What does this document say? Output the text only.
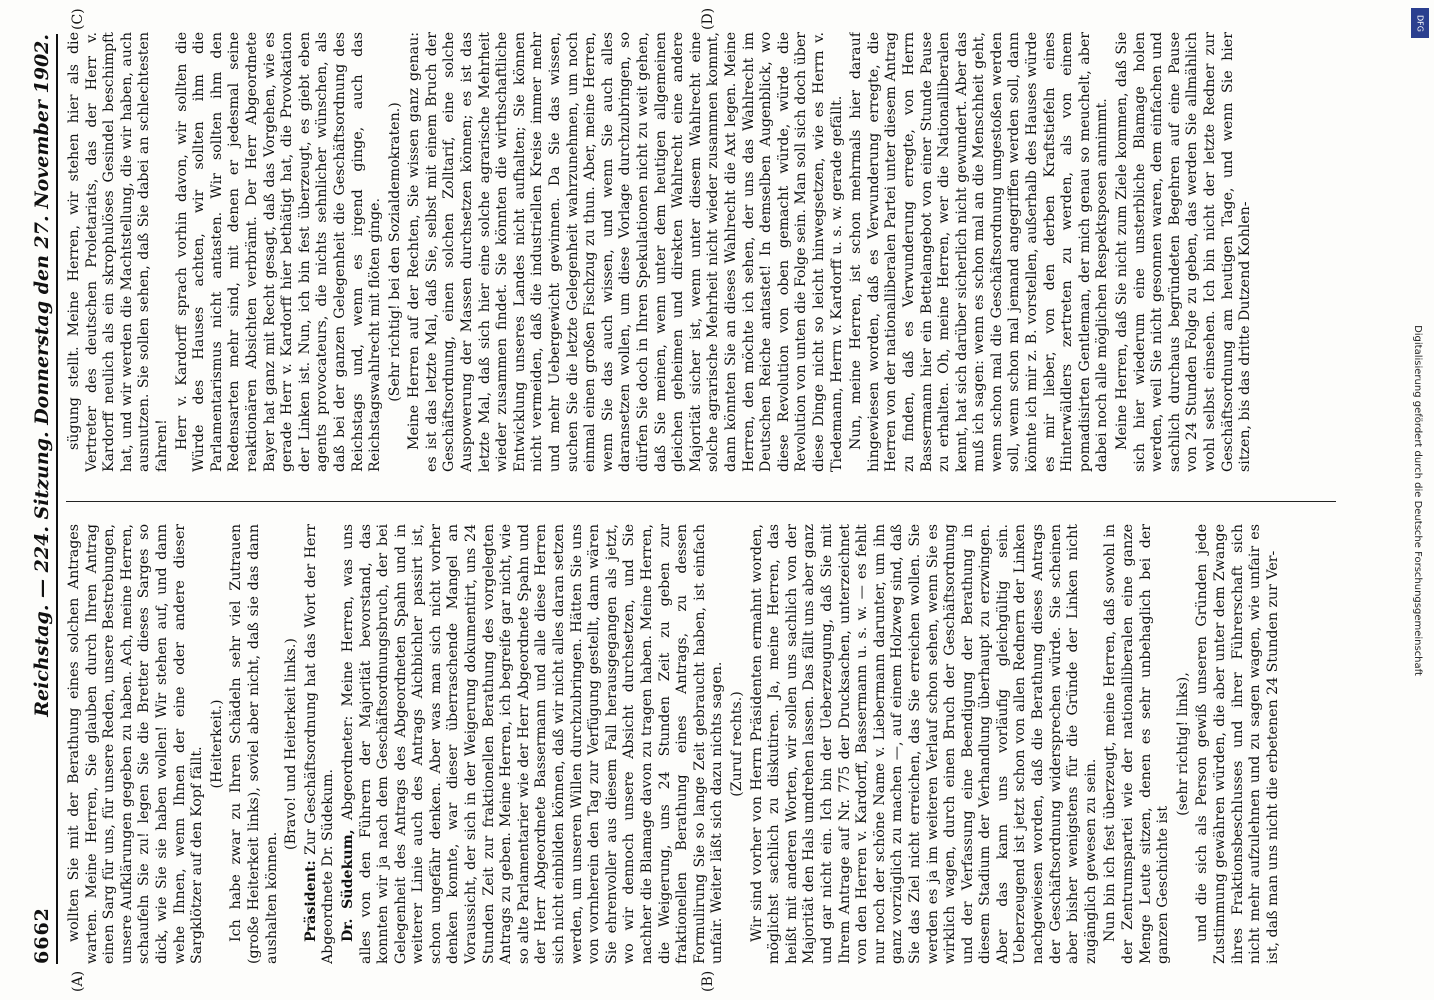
6662
Reichstag. — 224. Sitzung. Donnerstag den 27. November 1902.

wollten Sie mit der Berathung eines solchen Antrages warten. Meine Herren, Sie glauben durch Ihren Antrag einen Sarg für uns, für unsere Reden, unsere Bestrebungen, unsere Aufklärungen gegeben zu haben. Ach, meine Herren, schaufeln Sie zu! legen Sie die Bretter dieses Sarges so dick, wie Sie sie haben wollen! Wir stehen auf, und dann wehe Ihnen, wenn Ihnen der eine oder andere dieser Sargklötzer auf den Kopf fällt.

(Heiterkeit.) Ich habe zwar zu Ihren Schädeln sehr viel Zutrauen (große Heiterkeit links), soviel aber nicht, daß sie das dann aushalten können.

(Bravo! und Heiterkeit links.)

Präsident: Zur Geschäftsordnung hat das Wort der Herr Abgeordnete Dr. Südekum. Dr. Südekum, Abgeordneter: Meine Herren, was uns alles von den Führern der Majorität bevorstand, das konnten wir ja nach dem Geschäftsordnungsbruch, der bei Gelegenheit des Antrags des Abgeordneten Spahn und in weiterer Linie auch des Antrags Aichbichler passirt ist, schon ungefähr denken. Aber was man sich nicht vorher denken konnte, war dieser überraschende Mangel an Voraussicht, der sich in der Weigerung dokumentirt, uns 24 Stunden Zeit zur fraktionellen Berathung des vorgelegten Antrags zu geben. Meine Herren, ich begreife gar nicht, wie so alte Parlamentarier wie der Herr Abgeordnete Spahn und der Herr Abgeordnete Bassermann und alle diese Herren sich nicht einbilden können, daß wir nicht alles daran setzen werden, um unseren Willen durchzubringen. Hätten Sie uns von vornherein den Tag zur Verfügung gestellt, dann wären Sie ehrenvoller aus diesem Fall herausgegangen als jetzt, wo wir dennoch unsere Absicht durchsetzen, und Sie nachher die Blamage davon zu tragen haben. Meine Herren, die Weigerung, uns 24 Stunden Zeit zu geben zur fraktionellen Berathung eines Antrags, zu dessen Formulirung Sie so lange Zeit gebraucht haben, ist einfach unfair. Weiter läßt sich dazu nichts sagen. (Zuruf rechts.) Wir sind vorher von Herrn Präsidenten ermahnt worden, möglichst sachlich zu diskutiren. Ja, meine Herren, das heißt mit anderen Worten, wir sollen uns sachlich von der Majorität den Hals umdrehen lassen. Das fällt uns aber ganz und gar nicht ein. Ich bin der Ueberzeugung, daß Sie mit Ihrem Antrage auf Nr. 775 der Drucksachen, unterzeichnet von den Herren v. Kardorff, Bassermann u. s. w. — es fehlt nur noch der schöne Name v. Liebermann darunter, um ihn ganz vorzüglich zu machen —, auf einem Holzweg sind, daß Sie das Ziel nicht erreichen, das Sie erreichen wollen. Sie werden es ja im weiteren Verlauf schon sehen, wenn Sie es wirklich wagen, durch einen Bruch der Geschäftsordnung und der Verfassung eine Beendigung der Berathung in diesem Stadium der Verhandlung überhaupt zu erzwingen. Aber das kann uns vorläufig gleichgültig sein. Ueberzeugend ist jetzt schon von allen Rednern der Linken nachgewiesen worden, daß die Berathung dieses Antrags der Geschäftsordnung widersprechen würde. Sie scheinen aber bisher wenigstens für die Gründe der Linken nicht zugänglich gewesen zu sein. Nun bin ich fest überzeugt, meine Herren, daß sowohl in der Zentrumspartei wie der nationalliberalen eine ganze Menge Leute sitzen, denen es sehr unbehaglich bei der ganzen Geschichte ist

(sehr richtig! links), und die sich als Person gewiß unseren Gründen jede Zustimmung gewähren würden, die aber unter dem Zwange ihres Fraktionsbeschlusses und ihrer Führerschaft sich nicht mehr aufzulehnen und zu sagen wagen, wie unfair es ist, daß man uns nicht die erbetenen 24 Stunden zur Ver-

sügung stellt. Meine Herren, wir stehen hier als die Vertreter des deutschen Proletariats, das der Herr v. Kardorff neulich als ein skrophulöses Gesindel beschimpft hat, und wir werden die Machtstellung, die wir haben, auch ausnutzen. Sie sollen sehen, daß Sie dabei an schlechtesten fahren! Herr v. Kardorff sprach vorhin davon, wir sollten die Würde des Hauses achten, wir sollten ihm die Parlamentarismus nicht antasten. Wir sollten ihm den Redensarten mehr sind, mit denen er jedesmal seine reaktionären Absichten verbrämt. Der Herr Abgeordnete Bayer hat ganz mit Recht gesagt, daß das Vorgehen, wie es gerade Herr v. Kardorff hier bethätigt hat, die Provokation der Linken ist. Nun, ich bin fest überzeugt, es giebt eben agents provocateurs, die nichts sehnlicher wünschen, als daß bei der ganzen Gelegenheit die Geschäftsordnung des Reichstags und, wenn es irgend ginge, auch das Reichstagswahlrecht mit flöten ginge. (Sehr richtig! bei den Sozialdemokraten.) Meine Herren auf der Rechten, Sie wissen ganz genau: es ist das letzte Mal, daß Sie, selbst mit einem Bruch der Geschäftsordnung, einen solchen Zolltarif, eine solche Auspowerung der Massen durchsetzen können; es ist das letzte Mal, daß sich hier eine solche agrarische Mehrheit wieder zusammen findet. Sie könnten die wirthschaftliche Entwicklung unseres Landes nicht aufhalten; Sie können nicht vermeiden, daß die industriellen Kreise immer mehr und mehr Uebergewicht gewinnen. Da Sie das wissen, suchen Sie die letzte Gelegenheit wahrzunehmen, um noch einmal einen großen Fischzug zu thun. Aber, meine Herren, wenn Sie das auch wissen, und wenn Sie auch alles daransetzen wollen, um diese Vorlage durchzubringen, so dürfen Sie doch in Ihren Spekulationen nicht zu weit gehen, daß Sie meinen, wenn unter dem heutigen allgemeinen gleichen geheimen und direkten Wahlrecht eine andere Majorität sicher ist, wenn unter diesem Wahlrecht eine solche agrarische Mehrheit nicht wieder zusammen kommt, dann könnten Sie an dieses Wahlrecht die Axt legen. Meine Herren, den möchte ich sehen, der uns das Wahlrecht im Deutschen Reiche antastet! In demselben Augenblick, wo diese Revolution von oben gemacht würde, würde die Revolution von unten die Folge sein. Man soll sich doch über diese Dinge nicht so leicht hinwegsetzen, wie es Herrn v. Tiedemann, Herrn v. Kardorff u. s. w. gerade gefällt. Nun, meine Herren, ist schon mehrmals hier darauf hingewiesen worden, daß es Verwunderung erregte, die Herren von der nationalliberalen Partei unter diesem Antrag zu finden, daß es Verwunderung erregte, von Herrn Bassermann hier ein Bettelangebot von einer Stunde Pause zu erhalten. Oh, meine Herren, wer die Nationalliberalen kennt, hat sich darüber sicherlich nicht gewundert. Aber das muß ich sagen: wenn es schon mal an die Menschheit geht, wenn schon mal die Geschäftsordnung umgestoßen werden soll, wenn schon mal jemand angegriffen werden soll, dann könnte ich mir z. B. vorstellen, außerhalb des Hauses würde es mir lieber, von den derben Kraftstiefeln eines Hinterwäldlers zertreten zu werden, als von einem pomadisirten Gentleman, der mich genau so meuchelt, aber dabei noch alle möglichen Respektsposen annimmt. Meine Herren, daß Sie nicht zum Ziele kommen, daß Sie sich hier wiederum eine unsterbliche Blamage holen werden, weil Sie nicht gesonnen waren, dem einfachen und sachlich durchaus begründeten Begehren auf eine Pause von 24 Stunden Folge zu geben, das werden Sie allmählich wohl selbst einsehen. Ich bin nicht der letzte Redner zur Geschäftsordnung am heutigen Tage, und wenn Sie hier sitzen, bis das dritte Dutzend Kohlen-

(A)	(B)
(C)	(D)	DFG
Digitalisierung gefördert durch die Deutsche Forschungsgemeinschaft
